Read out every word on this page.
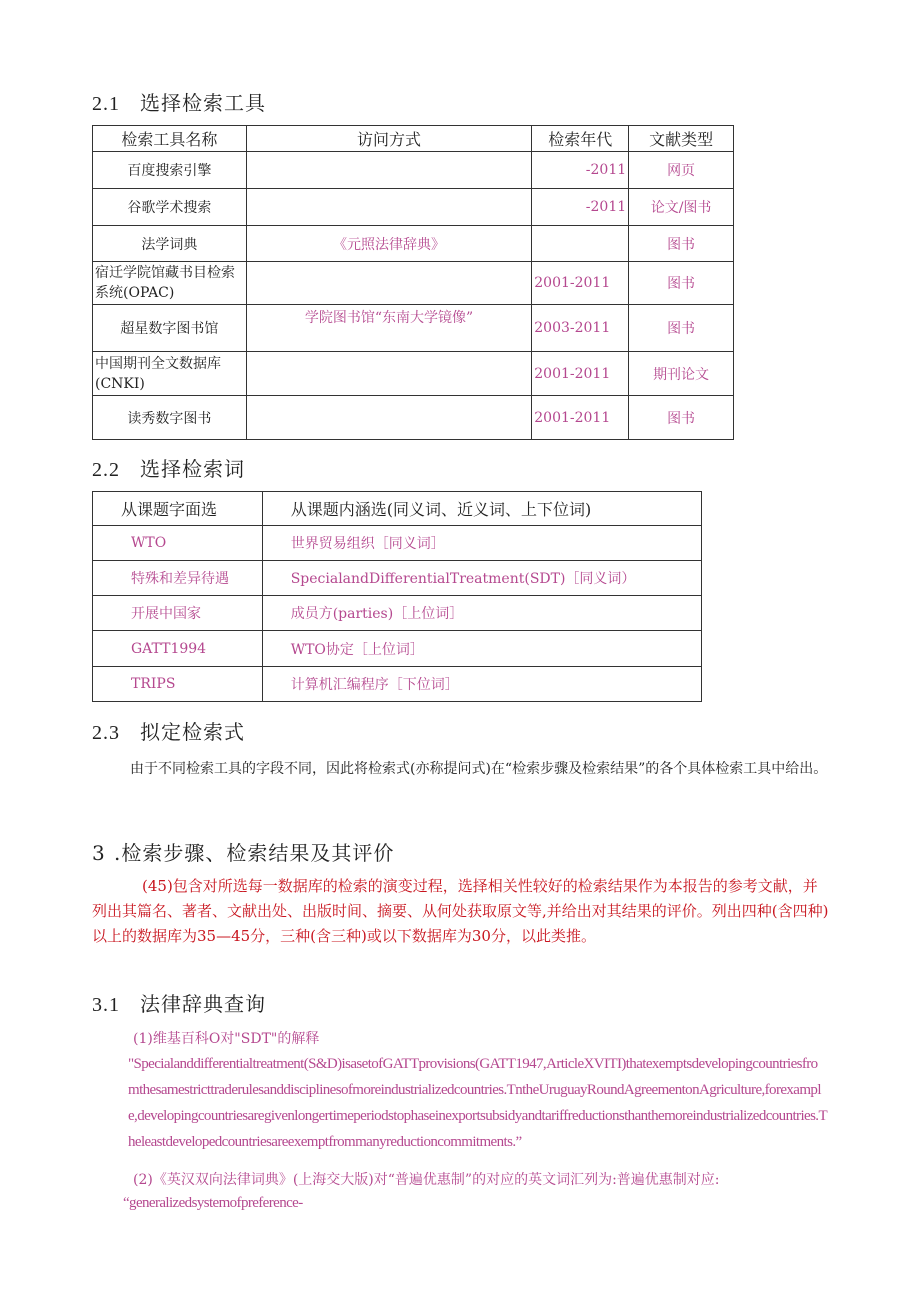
2.1 选择检索工具
检索工具名称	访问方式	检索年代	文献类型
百度搜索引擎		-2011	网页
谷歌学术搜索		-2011	论文/图书
法学词典	《元照法律辞典》		图书
宿迁学院馆藏书目检索系统(OPAC)		2001-2011	图书
超星数字图书馆	学院图书馆“东南大学镜像”	2003-2011	图书
中国期刊全文数据库(CNKI)		2001-2011	期刊论文
读秀数字图书		2001-2011	图书
2.2 选择检索词
从课题字面选	从课题内涵选(同义词、近义词、上下位词)
WTO	世界贸易组织［同义词］
特殊和差异待遇	SpecialandDifferentialTreatment(SDT)［同义词）
开展中国家	成员方(parties)［上位词］
GATT1994	WTO协定［上位词］
TRIPS	计算机汇编程序［下位词］
2.3 拟定检索式
由于不同检索工具的字段不同，因此将检索式(亦称提问式)在“检索步骤及检索结果”的各个具体检索工具中给出。
3 .检索步骤、检索结果及其评价
(45)包含对所选每一数据库的检索的演变过程，选择相关性较好的检索结果作为本报告的参考文献，并列出其篇名、著者、文献出处、出版时间、摘要、从何处获取原文等,并给出对其结果的评价。列出四种(含四种)以上的数据库为35—45分，三种(含三种)或以下数据库为30分，以此类推。
3.1 法律辞典查询
(1)维基百科O对"SDT"的解释
"Specialanddifferentialtreatment(S&D)isasetofGATTprovisions(GATT1947,ArticleXVITI)thatexemptsdevelopingcountriesfromthesamestricttraderulesanddisciplinesofmoreindustrializedcountries.TntheUruguayRoundAgreementonAgriculture,forexample,developingcountriesaregivenlongertimeperiodstophaseinexportsubsidyandtariffreductionsthanthemoreindustrializedcountries.Theleastdevelopedcountriesareexemptfrommanyreductioncommitments.”
(2)《英汉双向法律词典》(上海交大版)对“普遍优惠制”的对应的英文词汇列为:普遍优惠制对应:
“generalizedsystemofpreference-
